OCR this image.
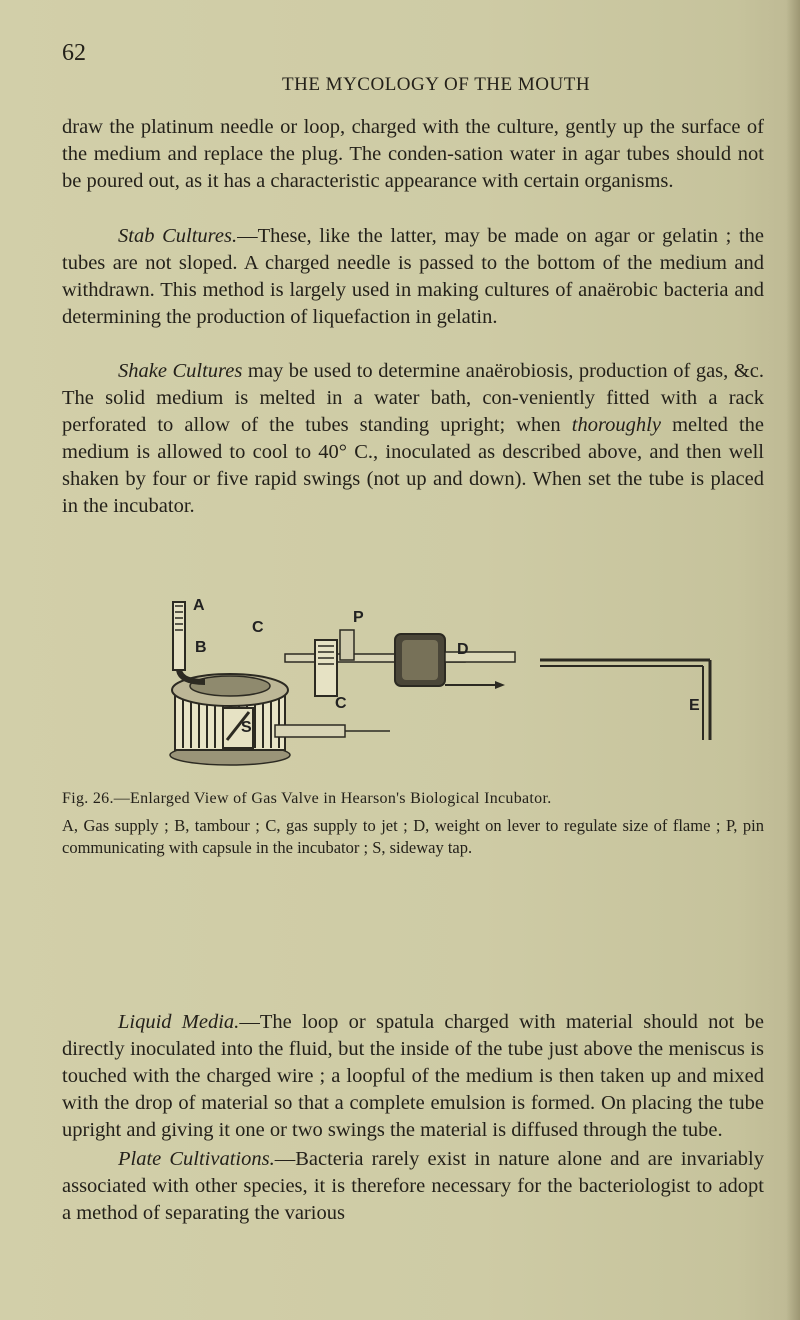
62
THE MYCOLOGY OF THE MOUTH

draw the platinum needle or loop, charged with the culture, gently up the surface of the medium and replace the plug. The conden-sation water in agar tubes should not be poured out, as it has a characteristic appearance with certain organisms.

Stab Cultures.—These, like the latter, may be made on agar or gelatin ; the tubes are not sloped. A charged needle is passed to the bottom of the medium and withdrawn. This method is largely used in making cultures of anaërobic bacteria and determining the production of liquefaction in gelatin.

Shake Cultures may be used to determine anaërobiosis, production of gas, &c. The solid medium is melted in a water bath, con-veniently fitted with a rack perforated to allow of the tubes standing upright; when thoroughly melted the medium is allowed to cool to 40° C., inoculated as described above, and then well shaken by four or five rapid swings (not up and down). When set the tube is placed in the incubator.

A
B
C
C
P
D
E
S

Fig. 26.—Enlarged View of Gas Valve in Hearson's Biological Incubator.

A, Gas supply ; B, tambour ; C, gas supply to jet ; D, weight on lever to regulate size of flame ; P, pin communicating with capsule in the incubator ; S, sideway tap.

Liquid Media.—The loop or spatula charged with material should not be directly inoculated into the fluid, but the inside of the tube just above the meniscus is touched with the charged wire ; a loopful of the medium is then taken up and mixed with the drop of material so that a complete emulsion is formed. On placing the tube upright and giving it one or two swings the material is diffused through the tube.

Plate Cultivations.—Bacteria rarely exist in nature alone and are invariably associated with other species, it is therefore necessary for the bacteriologist to adopt a method of separating the various
